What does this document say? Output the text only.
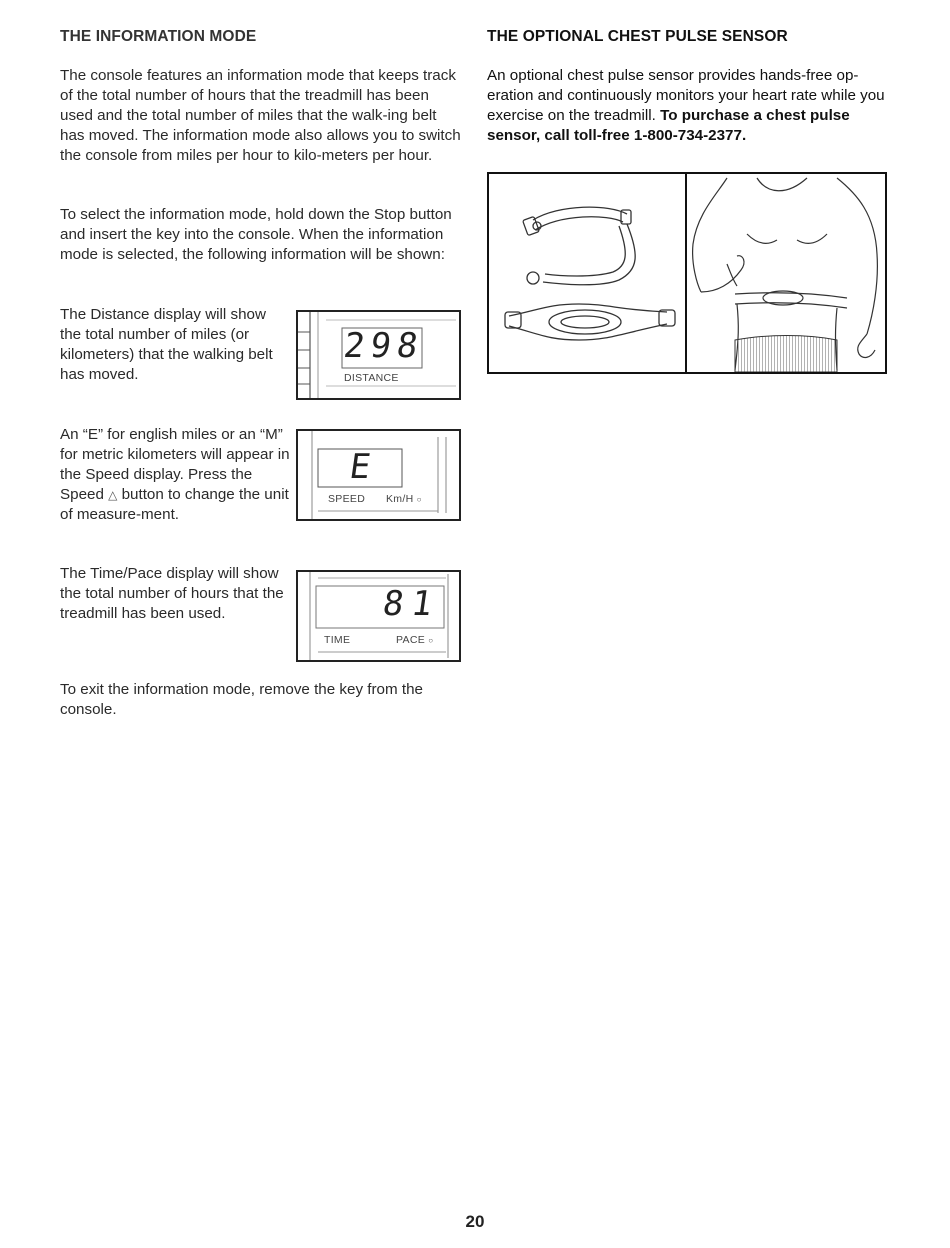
THE INFORMATION MODE

The console features an information mode that keeps track of the total number of hours that the treadmill has been used and the total number of miles that the walk-ing belt has moved. The information mode also allows you to switch the console from miles per hour to kilo-meters per hour.

To select the information mode, hold down the Stop button and insert the key into the console. When the information mode is selected, the following information will be shown:

The Distance display will show the total number of miles (or kilometers) that the walking belt has moved.

An “E” for english miles or an “M” for metric kilometers will appear in the Speed display. Press the Speed △ button to change the unit of measure-ment.

The Time/Pace display will show the total number of hours that the treadmill has been used.

To exit the information mode, remove the key from the console.

298
DISTANCE
E
SPEED Km/H ○
81
TIME	PACE ○
THE OPTIONAL CHEST PULSE SENSOR

An optional chest pulse sensor provides hands-free op-eration and continuously monitors your heart rate while you exercise on the treadmill. To purchase a chest pulse sensor, call toll-free 1-800-734-2377.

20
